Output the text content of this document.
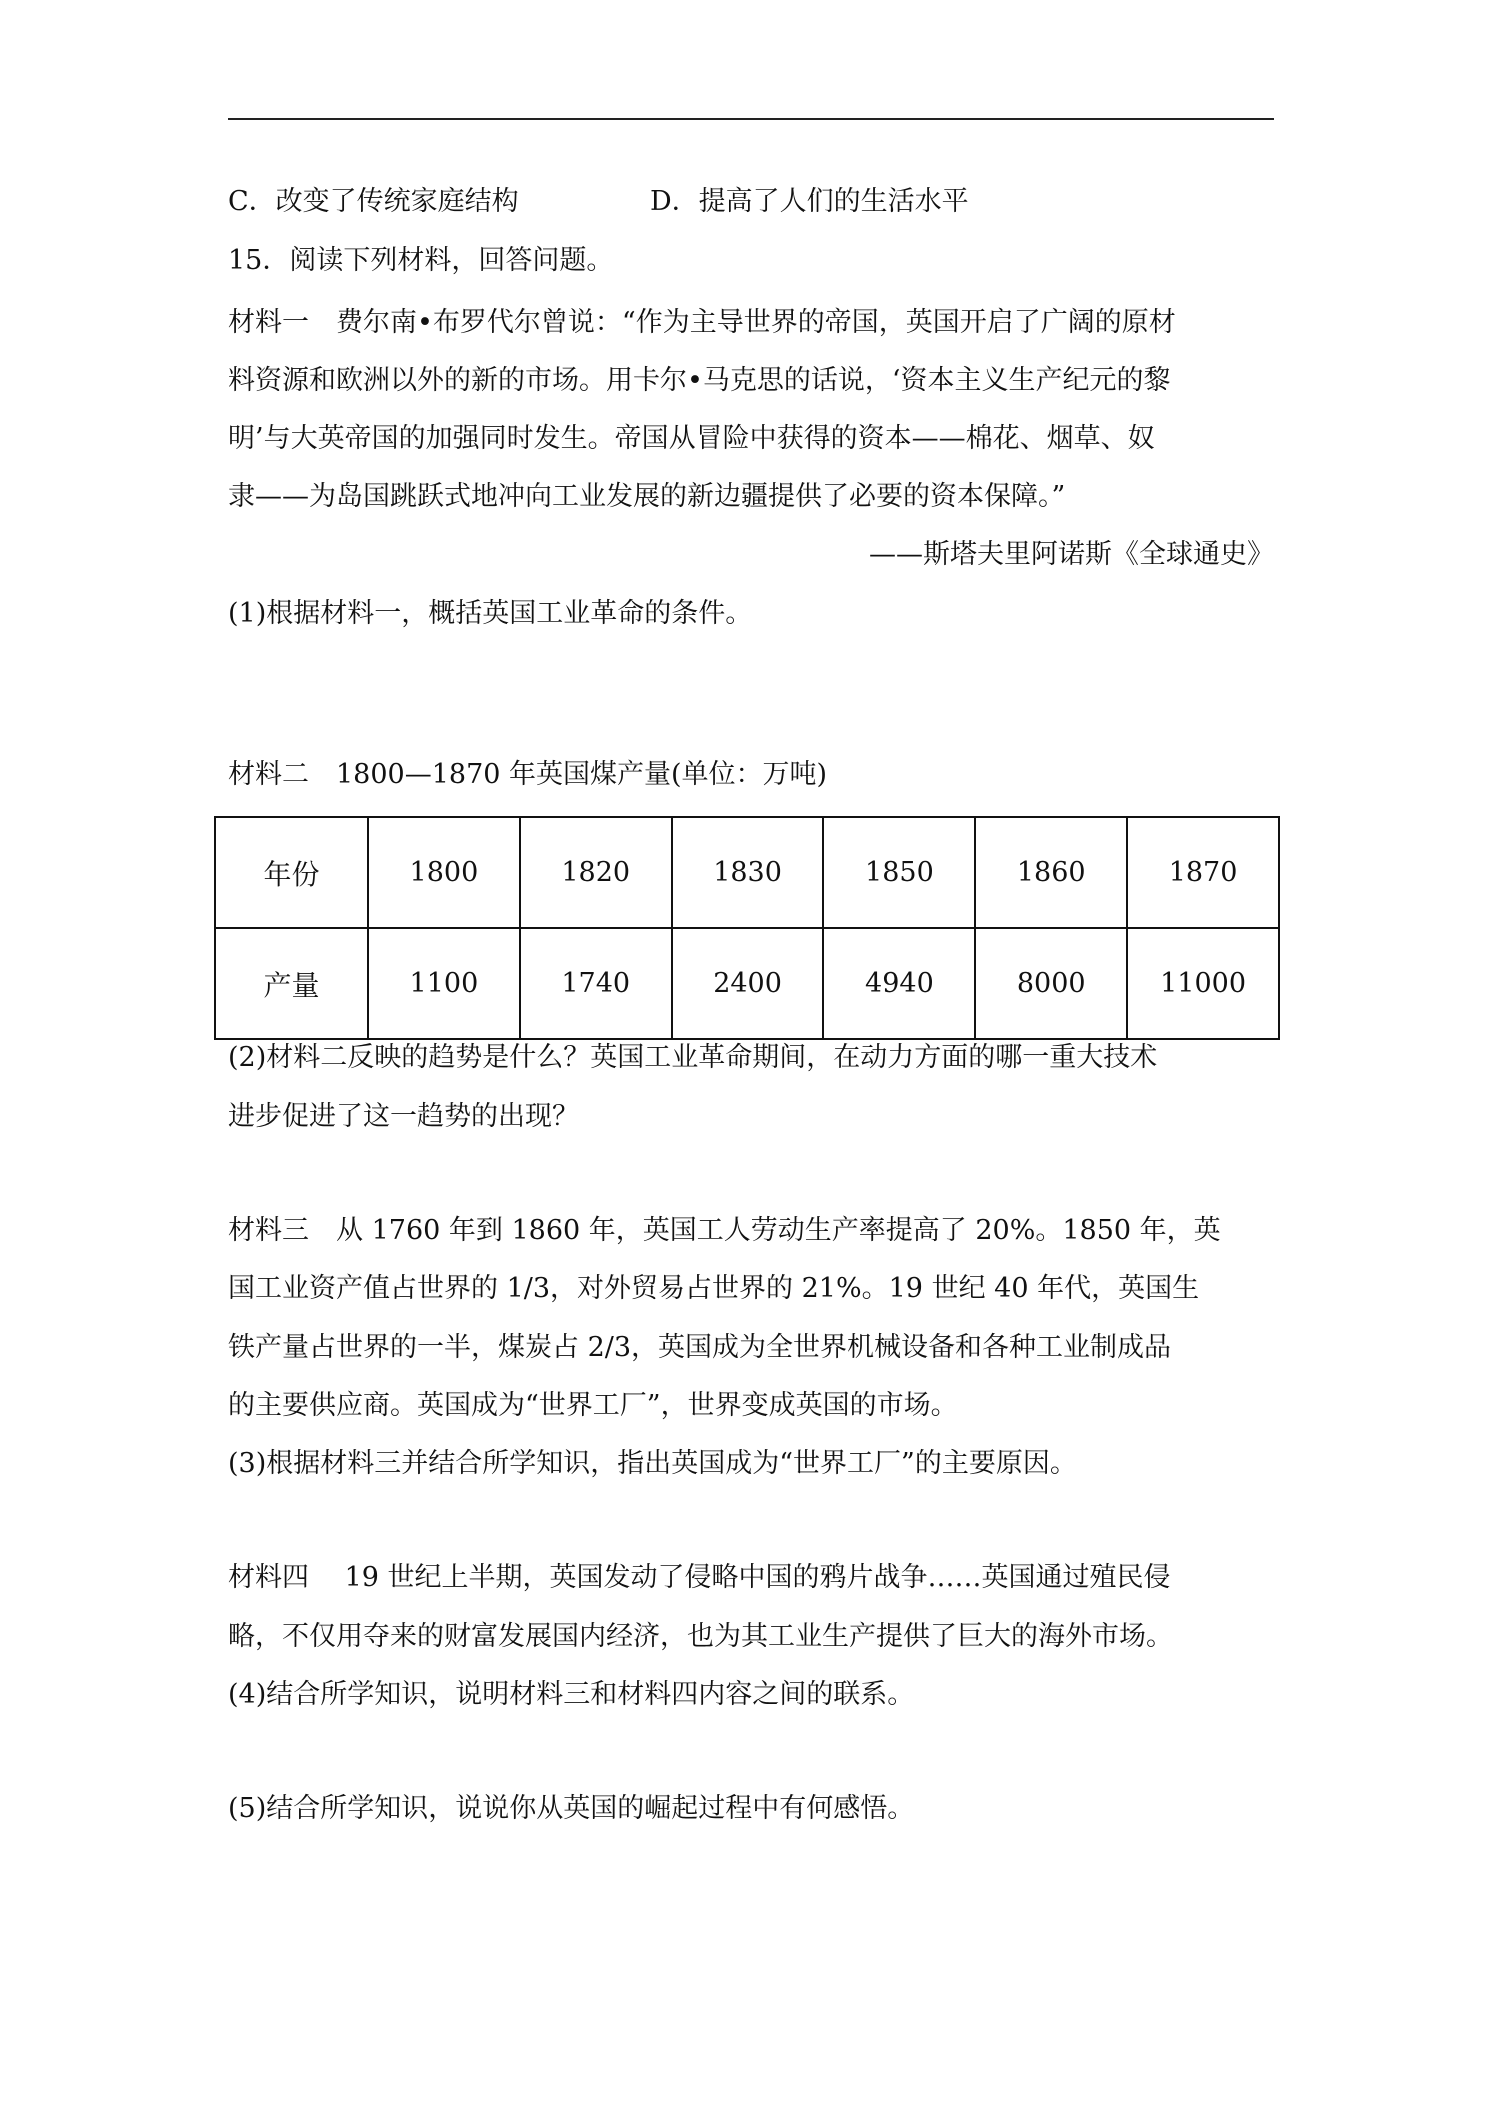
C．改变了传统家庭结构	D．提高了人们的生活水平
15．阅读下列材料，回答问题。
材料一　费尔南•布罗代尔曾说：“作为主导世界的帝国，英国开启了广阔的原材
料资源和欧洲以外的新的市场。用卡尔•马克思的话说，‘资本主义生产纪元的黎
明’与大英帝国的加强同时发生。帝国从冒险中获得的资本——棉花、烟草、奴
隶——为岛国跳跃式地冲向工业发展的新边疆提供了必要的资本保障。”
——斯塔夫里阿诺斯《全球通史》
(1)根据材料一，概括英国工业革命的条件。
材料二　1800—1870 年英国煤产量(单位：万吨)
年份	1800	1820	1830	1850	1860	1870
产量	1100	1740	2400	4940	8000	11000
(2)材料二反映的趋势是什么？英国工业革命期间，在动力方面的哪一重大技术
进步促进了这一趋势的出现？
材料三　从 1760 年到 1860 年，英国工人劳动生产率提高了 20%。1850 年，英
国工业资产值占世界的 1/3，对外贸易占世界的 21%。19 世纪 40 年代，英国生
铁产量占世界的一半，煤炭占 2/3，英国成为全世界机械设备和各种工业制成品
的主要供应商。英国成为“世界工厂”，世界变成英国的市场。
(3)根据材料三并结合所学知识，指出英国成为“世界工厂”的主要原因。
材料四　 19 世纪上半期，英国发动了侵略中国的鸦片战争……英国通过殖民侵
略，不仅用夺来的财富发展国内经济，也为其工业生产提供了巨大的海外市场。
(4)结合所学知识，说明材料三和材料四内容之间的联系。
(5)结合所学知识，说说你从英国的崛起过程中有何感悟。
